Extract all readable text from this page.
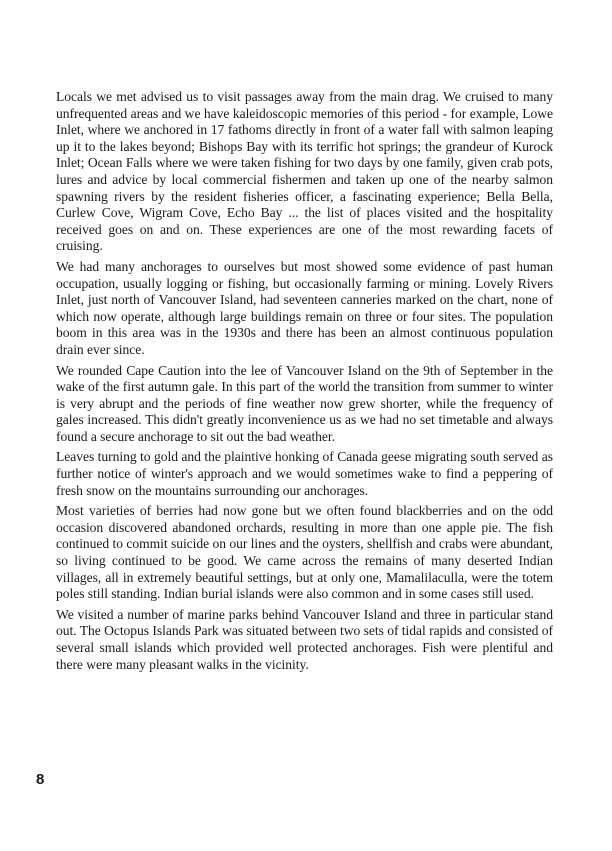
Locals we met advised us to visit passages away from the main drag. We cruised to many unfrequented areas and we have kaleidoscopic memories of this period - for example, Lowe Inlet, where we anchored in 17 fathoms directly in front of a water fall with salmon leaping up it to the lakes beyond; Bishops Bay with its terrific hot springs; the grandeur of Kurock Inlet; Ocean Falls where we were taken fishing for two days by one family, given crab pots, lures and advice by local commercial fishermen and taken up one of the nearby salmon spawning rivers by the resident fisheries officer, a fascinating experience; Bella Bella, Curlew Cove, Wigram Cove, Echo Bay ... the list of places visited and the hospitality received goes on and on. These experiences are one of the most rewarding facets of cruising.

We had many anchorages to ourselves but most showed some evidence of past human occupation, usually logging or fishing, but occasionally farming or mining. Lovely Rivers Inlet, just north of Vancouver Island, had seventeen canneries marked on the chart, none of which now operate, although large buildings remain on three or four sites. The population boom in this area was in the 1930s and there has been an almost continuous population drain ever since.

We rounded Cape Caution into the lee of Vancouver Island on the 9th of September in the wake of the first autumn gale. In this part of the world the transition from summer to winter is very abrupt and the periods of fine weather now grew shorter, while the frequency of gales increased. This didn't greatly inconvenience us as we had no set timetable and always found a secure anchorage to sit out the bad weather.

Leaves turning to gold and the plaintive honking of Canada geese migrating south served as further notice of winter's approach and we would sometimes wake to find a peppering of fresh snow on the mountains surrounding our anchorages.

Most varieties of berries had now gone but we often found blackberries and on the odd occasion discovered abandoned orchards, resulting in more than one apple pie. The fish continued to commit suicide on our lines and the oysters, shellfish and crabs were abundant, so living continued to be good. We came across the remains of many deserted Indian villages, all in extremely beautiful settings, but at only one, Mamalilaculla, were the totem poles still standing. Indian burial islands were also common and in some cases still used.

We visited a number of marine parks behind Vancouver Island and three in particular stand out. The Octopus Islands Park was situated between two sets of tidal rapids and consisted of several small islands which provided well protected anchorages. Fish were plentiful and there were many pleasant walks in the vicinity.

8
